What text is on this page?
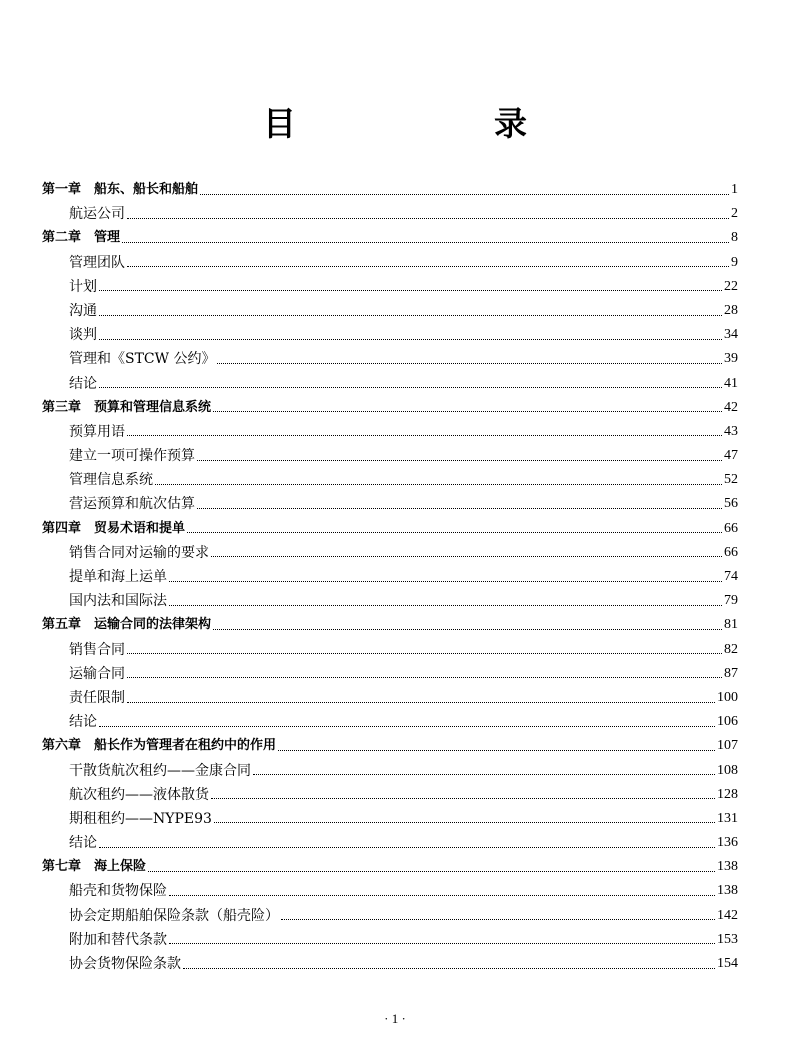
目　　录
第一章　船东、船长和船舶	1
航运公司	2
第二章　管理	8
管理团队	9
计划	22
沟通	28
谈判	34
管理和《STCW 公约》	39
结论	41
第三章　预算和管理信息系统	42
预算用语	43
建立一项可操作预算	47
管理信息系统	52
营运预算和航次估算	56
第四章　贸易术语和提单	66
销售合同对运输的要求	66
提单和海上运单	74
国内法和国际法	79
第五章　运输合同的法律架构	81
销售合同	82
运输合同	87
责任限制	100
结论	106
第六章　船长作为管理者在租约中的作用	107
干散货航次租约——金康合同	108
航次租约——液体散货	128
期租租约——NYPE93	131
结论	136
第七章　海上保险	138
船壳和货物保险	138
协会定期船舶保险条款（船壳险）	142
附加和替代条款	153
协会货物保险条款	154
· 1 ·
